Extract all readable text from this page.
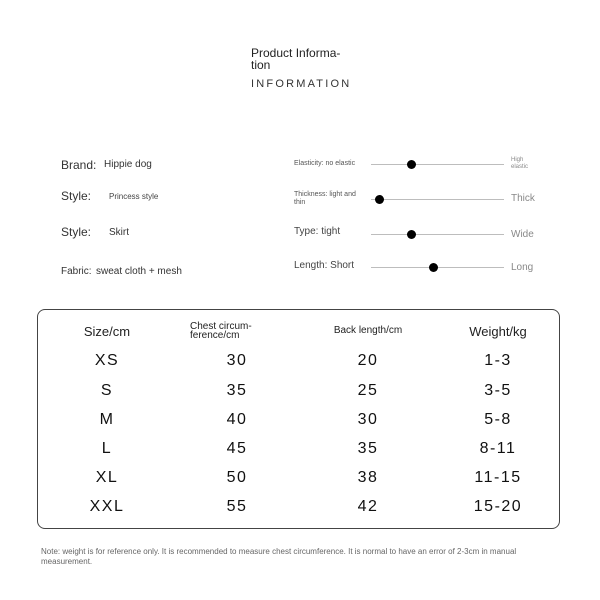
Product Informa- tion
INFORMATION
Brand: Hippie dog
Style: Princess style
Style: Skirt
Fabric: sweat cloth + mesh
Elasticity: no elastic	High elastic
Thickness: light and thin	Thick
Type: tight	Wide
Length: Short	Long
Size/cm	Chest circum- ference/cm	Back length/cm	Weight/kg
XS	30	20	1-3
S	35	25	3-5
M	40	30	5-8
L	45	35	8-11
XL	50	38	11-15
XXL	55	42	15-20
Note: weight is for reference only. It is recommended to measure chest circumference. It is normal to have an error of 2-3cm in manual measurement.
